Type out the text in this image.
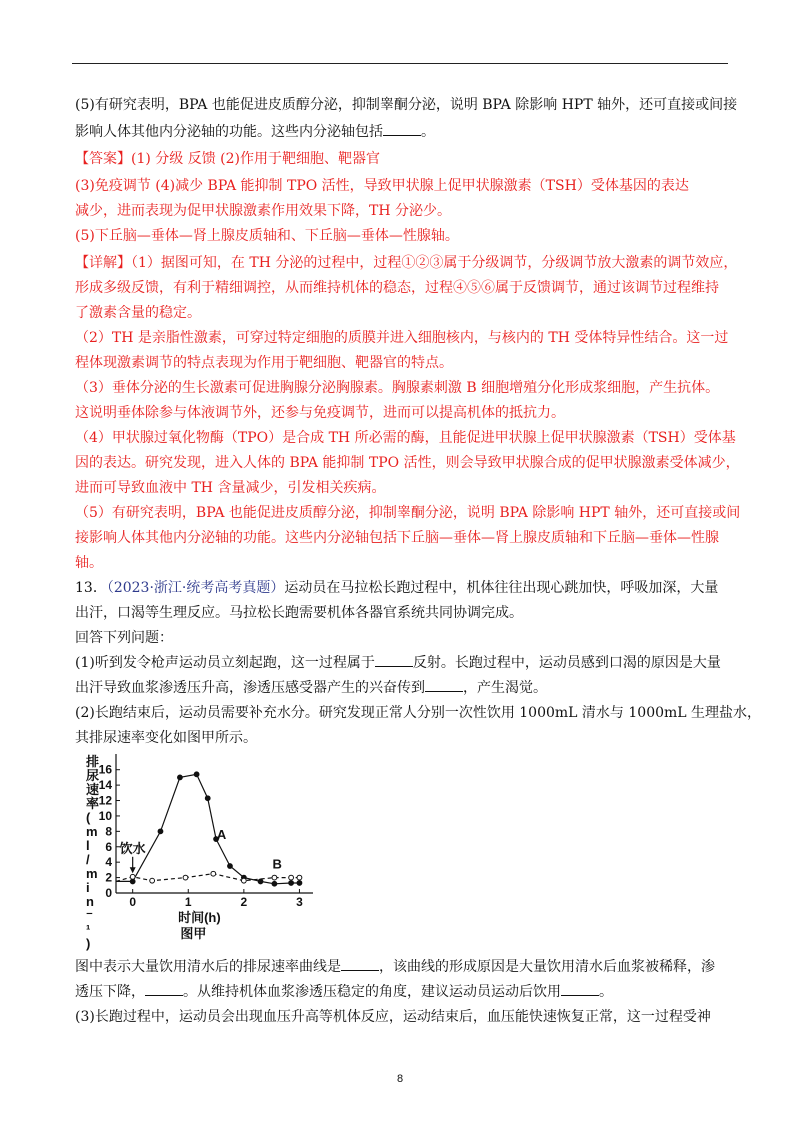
(5)有研究表明，BPA 也能促进皮质醇分泌，抑制睾酮分泌，说明 BPA 除影响 HPT 轴外，还可直接或间接
影响人体其他内分泌轴的功能。这些内分泌轴包括	。
【答案】(1) 分级 反馈 (2)作用于靶细胞、靶器官
(3)免疫调节 (4)减少 BPA 能抑制 TPO 活性，导致甲状腺上促甲状腺激素（TSH）受体基因的表达
减少，进而表现为促甲状腺激素作用效果下降，TH 分泌少。
(5)下丘脑—垂体—肾上腺皮质轴和、下丘脑—垂体—性腺轴。
【详解】（1）据图可知，在 TH 分泌的过程中，过程①②③属于分级调节，分级调节放大激素的调节效应，
形成多级反馈，有利于精细调控，从而维持机体的稳态，过程④⑤⑥属于反馈调节，通过该调节过程维持
了激素含量的稳定。
（2）TH 是亲脂性激素，可穿过特定细胞的质膜并进入细胞核内，与核内的 TH 受体特异性结合。这一过
程体现激素调节的特点表现为作用于靶细胞、靶器官的特点。
（3）垂体分泌的生长激素可促进胸腺分泌胸腺素。胸腺素刺激 B 细胞增殖分化形成浆细胞，产生抗体。
这说明垂体除参与体液调节外，还参与免疫调节，进而可以提高机体的抵抗力。
（4）甲状腺过氧化物酶（TPO）是合成 TH 所必需的酶，且能促进甲状腺上促甲状腺激素（TSH）受体基
因的表达。研究发现，进入人体的 BPA 能抑制 TPO 活性，则会导致甲状腺合成的促甲状腺激素受体减少，
进而可导致血液中 TH 含量减少，引发相关疾病。
（5）有研究表明，BPA 也能促进皮质醇分泌，抑制睾酮分泌，说明 BPA 除影响 HPT 轴外，还可直接或间
接影响人体其他内分泌轴的功能。这些内分泌轴包括下丘脑—垂体—肾上腺皮质轴和下丘脑—垂体—性腺
轴。
13．（2023·浙江·统考高考真题）运动员在马拉松长跑过程中，机体往往出现心跳加快，呼吸加深，大量
出汗，口渴等生理反应。马拉松长跑需要机体各器官系统共同协调完成。
回答下列问题：
(1)听到发令枪声运动员立刻起跑，这一过程属于	反射。长跑过程中，运动员感到口渴的原因是大量
出汗导致血浆渗透压升高，渗透压感受器产生的兴奋传到	，产生渴觉。
(2)长跑结束后，运动员需要补充水分。研究发现正常人分别一次性饮用 1000mL 清水与 1000mL 生理盐水，
其排尿速率变化如图甲所示。
0
2
4
6
8
10
12
14
16
0	1	2	3
排尿速率( m l / m i n ⁻ ¹ )
时间(h)
图甲
饮水
A
B
图中表示大量饮用清水后的排尿速率曲线是	，该曲线的形成原因是大量饮用清水后血浆被稀释，渗
透压下降，	。从维持机体血浆渗透压稳定的角度，建议运动员运动后饮用	。
(3)长跑过程中，运动员会出现血压升高等机体反应，运动结束后，血压能快速恢复正常，这一过程受神
8
